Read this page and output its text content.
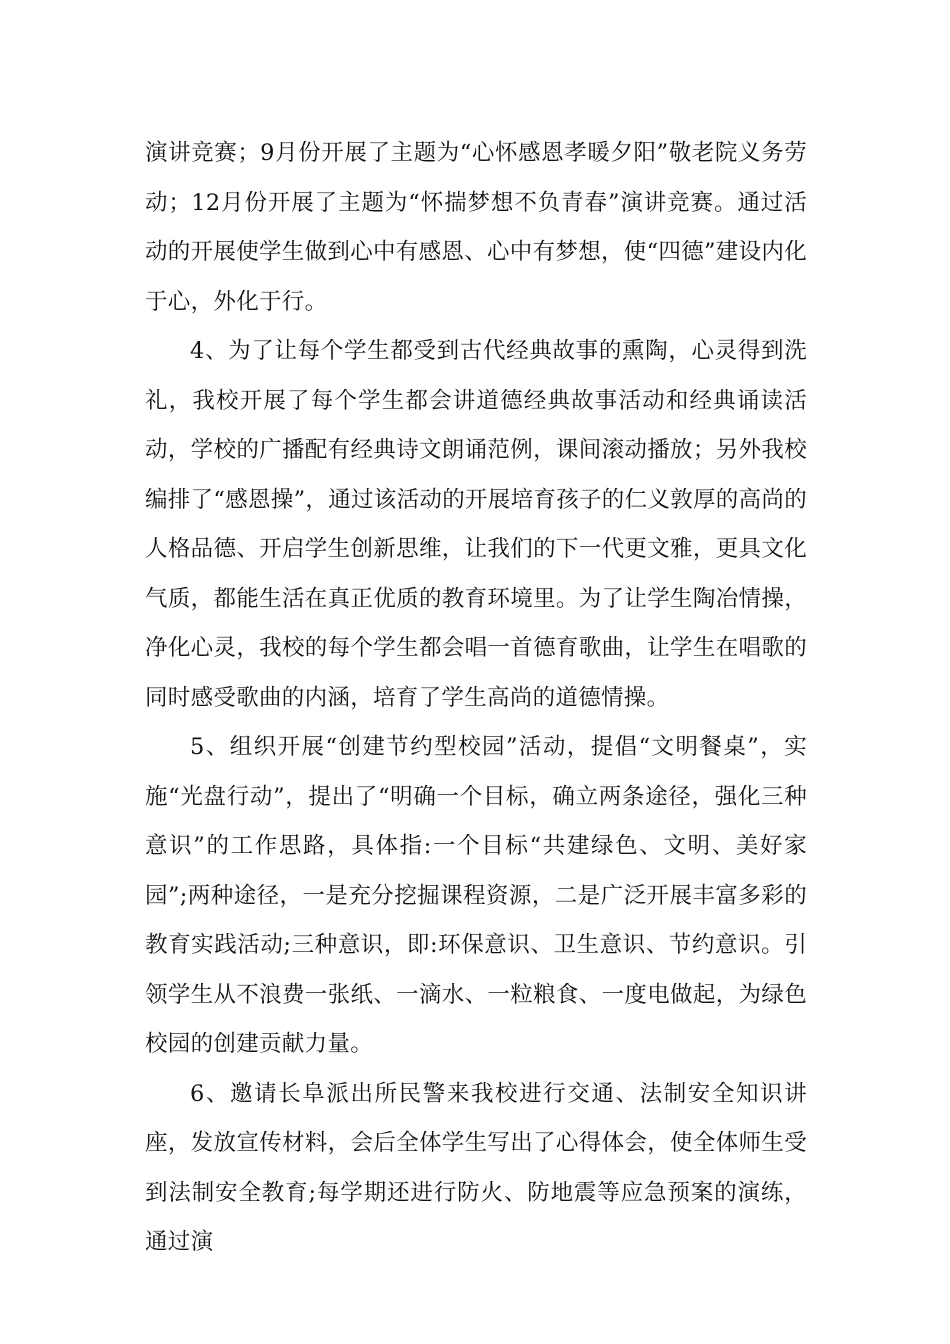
演讲竞赛；9月份开展了主题为“心怀感恩孝暖夕阳”敬老院义务劳动；12月份开展了主题为“怀揣梦想不负青春”演讲竞赛。通过活动的开展使学生做到心中有感恩、心中有梦想，使“四德”建设内化于心，外化于行。

4、为了让每个学生都受到古代经典故事的熏陶，心灵得到洗礼，我校开展了每个学生都会讲道德经典故事活动和经典诵读活动，学校的广播配有经典诗文朗诵范例，课间滚动播放；另外我校编排了“感恩操”，通过该活动的开展培育孩子的仁义敦厚的高尚的人格品德、开启学生创新思维，让我们的下一代更文雅，更具文化气质，都能生活在真正优质的教育环境里。为了让学生陶冶情操，净化心灵，我校的每个学生都会唱一首德育歌曲，让学生在唱歌的同时感受歌曲的内涵，培育了学生高尚的道德情操。

5、组织开展“创建节约型校园”活动，提倡“文明餐桌”，实施“光盘行动”，提出了“明确一个目标，确立两条途径，强化三种意识”的工作思路，具体指:一个目标“共建绿色、文明、美好家园”;两种途径，一是充分挖掘课程资源，二是广泛开展丰富多彩的教育实践活动;三种意识，即:环保意识、卫生意识、节约意识。引领学生从不浪费一张纸、一滴水、一粒粮食、一度电做起，为绿色校园的创建贡献力量。

6、邀请长阜派出所民警来我校进行交通、法制安全知识讲座，发放宣传材料，会后全体学生写出了心得体会，使全体师生受到法制安全教育;每学期还进行防火、防地震等应急预案的演练，通过演
